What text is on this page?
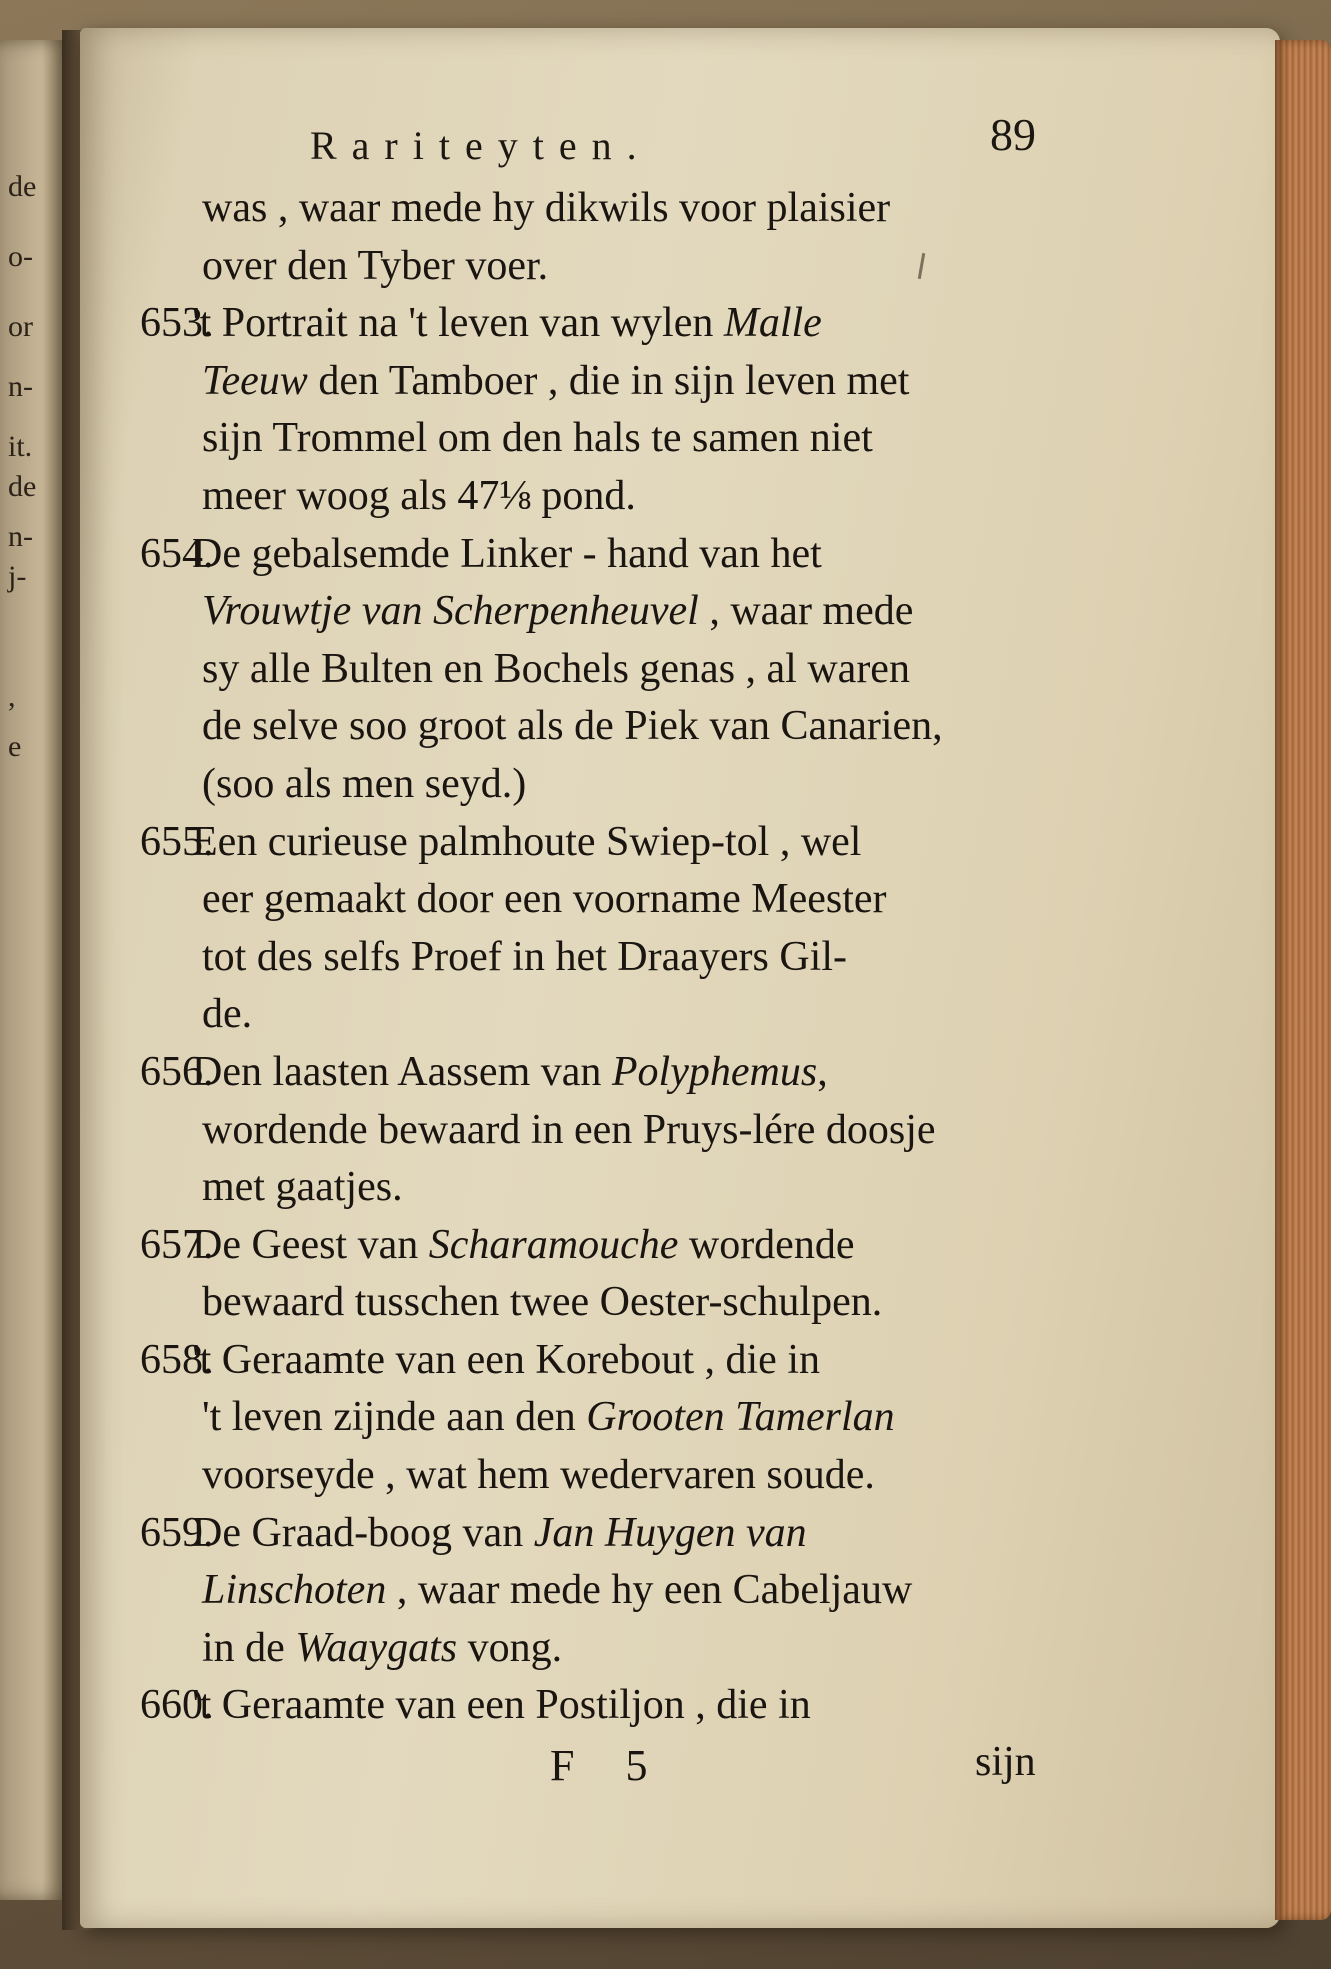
de
o-
or
n-
it.
de
n-
j-
,
e
Rariteyten.	89
was , waar mede hy dikwils voor plaisier
over den Tyber voer.
653.'t Portrait na 't leven van wylen Malle
Teeuw den Tamboer , die in sijn leven met
sijn Trommel om den hals te samen niet
meer woog als 47⅛ pond.
654.De gebalsemde Linker - hand van het
Vrouwtje van Scherpenheuvel , waar mede
sy alle Bulten en Bochels genas , al waren
de selve soo groot als de Piek van Canarien,
(soo als men seyd.)
655.Een curieuse palmhoute Swiep-tol , wel
eer gemaakt door een voorname Meester
tot des selfs Proef in het Draayers Gil-
de.
656.Den laasten Aassem van Polyphemus,
wordende bewaard in een Pruys-lére doosje
met gaatjes.
657.De Geest van Scharamouche wordende
bewaard tusschen twee Oester-schulpen.
658.'t Geraamte van een Korebout , die in
't leven zijnde aan den Grooten Tamerlan
voorseyde , wat hem wedervaren soude.
659.De Graad-boog van Jan Huygen van
Linschoten , waar mede hy een Cabeljauw
in de Waaygats vong.
660.'t Geraamte van een Postiljon , die in
F 5	sijn
